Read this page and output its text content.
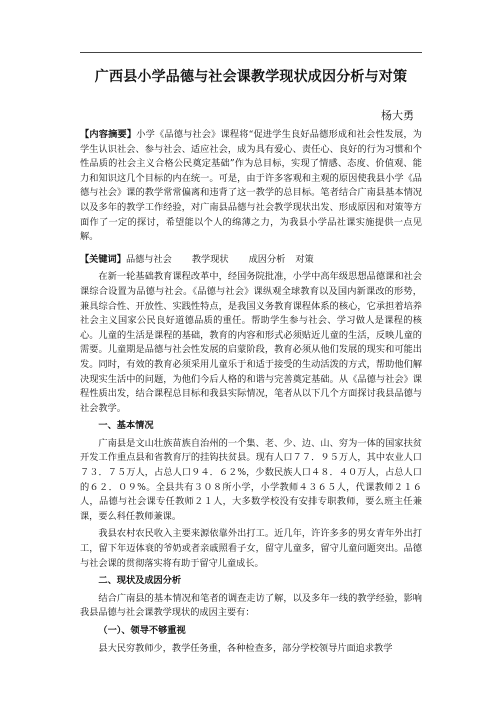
广西县小学品德与社会课教学现状成因分析与对策
杨大勇

【内容摘要】小学《品德与社会》课程将“促进学生良好品德形成和社会性发展，为学生认识社会、参与社会、适应社会，成为具有爱心、责任心、良好的行为习惯和个性品质的社会主义合格公民奠定基础”作为总目标，实现了情感、态度、价值观、能力和知识这几个目标的内在统一。可是，由于许多客观和主观的原因使我县小学《品德与社会》课的教学常常偏离和违背了这一教学的总目标。笔者结合广南县基本情况以及多年的教学工作经验，对广南县品德与社会教学现状出发、形成原因和对策等方面作了一定的探讨，希望能以个人的绵薄之力，为我县小学品社课实施提供一点见解。

【关键词】品德与社会 教学现状 成因分析 对策

在新一轮基础教育课程改革中，经国务院批准，小学中高年级思想品德课和社会课综合设置为品德与社会。《品德与社会》课纵观全球教育以及国内新课改的形势，兼具综合性、开放性、实践性特点，是我国义务教育课程体系的核心，它承担着培养社会主义国家公民良好道德品质的重任。帮助学生参与社会、学习做人是课程的核心。儿童的生活是课程的基础，教育的内容和形式必须贴近儿童的生活，反映儿童的需要。儿童期是品德与社会性发展的启蒙阶段，教育必须从他们发展的现实和可能出发。同时，有效的教育必须采用儿童乐于和适于接受的生动活泼的方式，帮助他们解决现实生活中的问题，为他们今后人格的和谐与完善奠定基础。从《品德与社会》课程性质出发，结合课程总目标和我县实际情况，笔者从以下几个方面探讨我县品德与社会教学。

一、基本情况

广南县是文山壮族苗族自治州的一个集、老、少、边、山、穷为一体的国家扶贫开发工作重点县和省教育厅的挂钩扶贫县。现有人口７７．９５万人，其中农业人口７３．７５万人，占总人口９４．６２%，少数民族人口４８．４０万人，占总人口的６２．０９%。全县共有３０８所小学，小学教师４３６５人，代课教师２１６人，品德与社会课专任教师２１人，大多数学校没有安排专职教师，要么班主任兼课，要么科任教师兼课。

我县农村农民收入主要来源依靠外出打工。近几年，许许多多的男女青年外出打工，留下年迈体衰的爷奶或者亲戚照看子女，留守儿童多，留守儿童问题突出。品德与社会课的贯彻落实将有助于留守儿童成长。

二、现状及成因分析

结合广南县的基本情况和笔者的调查走访了解，以及多年一线的教学经验，影响我县品德与社会课教学现状的成因主要有：

（一）、领导不够重视

县大民穷教师少，教学任务重，各种检查多，部分学校领导片面追求教学
